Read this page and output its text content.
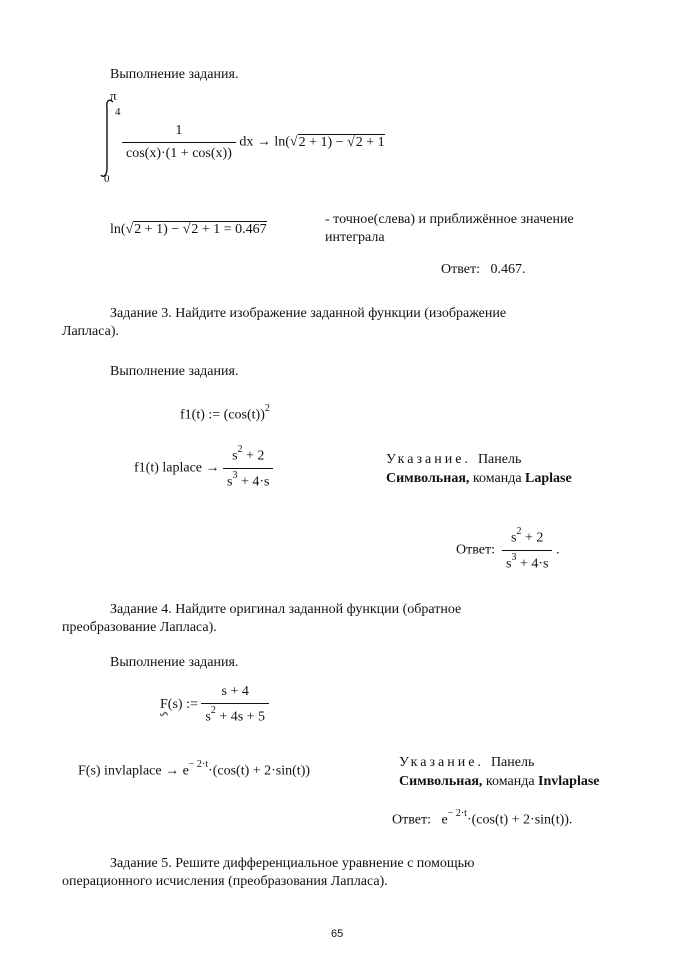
Выполнение задания.
π
4
0
$\frac{1}{\cos(x)\cdot(1 + \cos(x))}$ dx → ln(√2 + 1) − √2 + 1
ln(√2 + 1) − √2 + 1 = 0.467
- точное(слева) и приближённое значение
интеграла
Ответ: 0.467.
Задание 3. Найдите изображение заданной функции (изображение
Лапласа).
Выполнение задания.
f1(t) := $(\cos(t))^2$
f1(t) laplace → $\frac{s^2 + 2}{s^3 + 4\cdot s}$	Указание. Панель
Символьная, команда Laplase
Ответ: $\frac{s^2 + 2}{s^3 + 4\cdot s}$ .
Задание 4. Найдите оригинал заданной функции (обратное
преобразование Лапласа).
Выполнение задания.
F(s) := $\frac{s + 4}{s^2 + 4s + 5}$
F(s) invlaplace → $e^{- 2\cdot t}\cdot(\cos(t) + 2\cdot\sin(t))$
Указание. Панель
Символьная, команда Invlaplase
Ответ: $e^{- 2\cdot t}\cdot(\cos(t) + 2\cdot\sin(t))$.
Задание 5. Решите дифференциальное уравнение с помощью
операционного исчисления (преобразования Лапласа).
65
